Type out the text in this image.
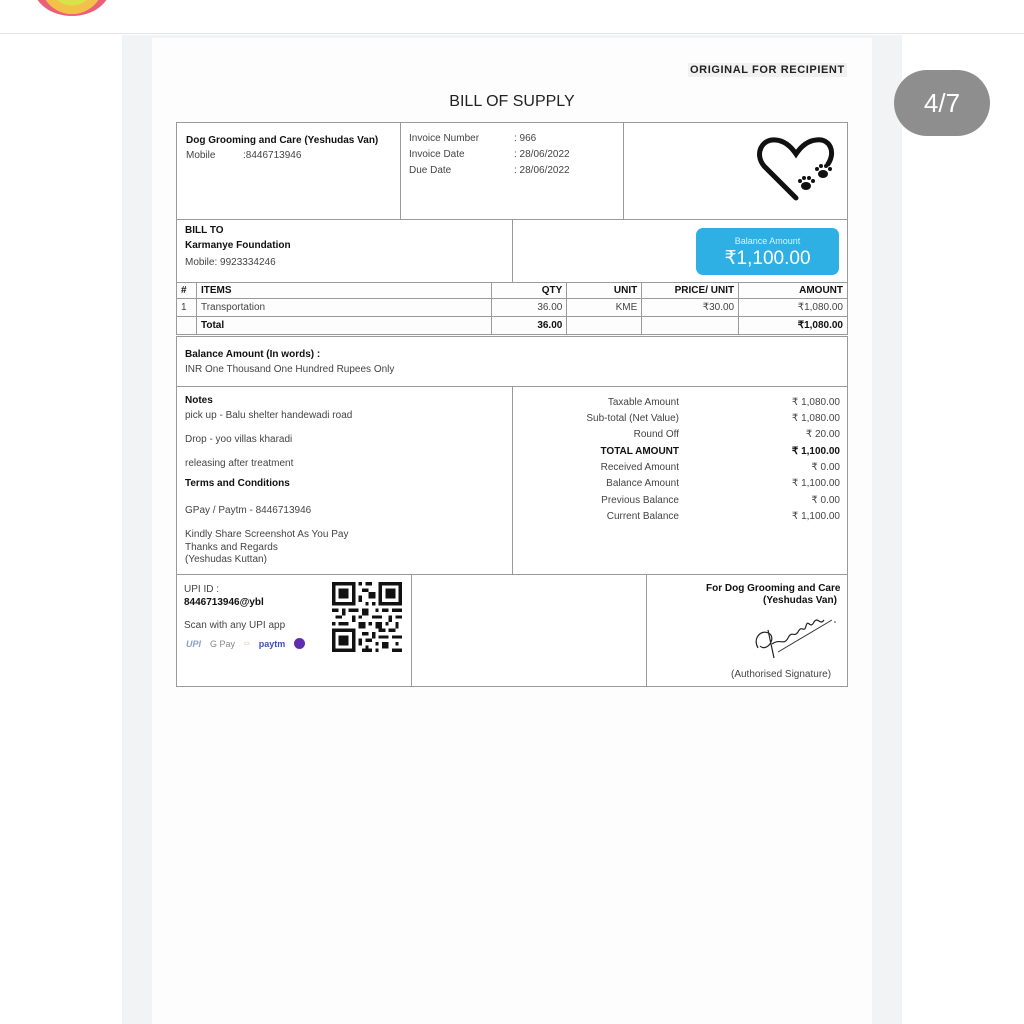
4/7
ORIGINAL FOR RECIPIENT
BILL OF SUPPLY
Dog Grooming and Care (Yeshudas Van)
Mobile	:8446713946
Invoice Number	: 966
Invoice Date	: 28/06/2022
Due Date	: 28/06/2022
BILL TO
Karmanye Foundation
Mobile: 9923334246
Balance Amount
₹1,100.00
#	ITEMS	QTY	UNIT	PRICE/ UNIT	AMOUNT
1	Transportation	36.00	KME	₹30.00	₹1,080.00
	Total	36.00			₹1,080.00
Balance Amount (In words) :
INR One Thousand One Hundred Rupees Only
Notes
pick up - Balu shelter handewadi road
Drop - yoo villas kharadi
releasing after treatment
Terms and Conditions
GPay / Paytm - 8446713946
Kindly Share Screenshot As You Pay
Thanks and Regards
(Yeshudas Kuttan)
Taxable Amount	₹ 1,080.00
Sub-total (Net Value)	₹ 1,080.00
Round Off	₹ 20.00
TOTAL AMOUNT	₹ 1,100.00
Received Amount	₹ 0.00
Balance Amount	₹ 1,100.00
Previous Balance	₹ 0.00
Current Balance	₹ 1,100.00
UPI ID :
8446713946@ybl
Scan with any UPI app
UPI G Pay ▭ paytm
For Dog Grooming and Care
(Yeshudas Van)
(Authorised Signature)
